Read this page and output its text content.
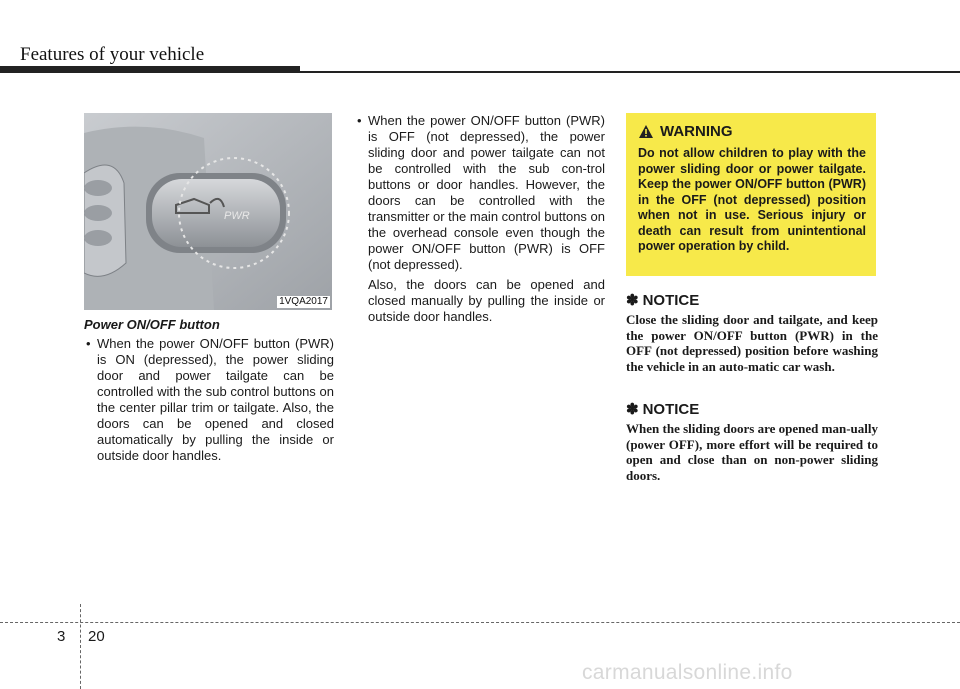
Features of your vehicle
PWR
1VQA2017
Power ON/OFF button
• When the power ON/OFF button (PWR) is ON (depressed), the power sliding door and power tailgate can be controlled with the sub control buttons on the center pillar trim or tailgate. Also, the doors can be opened and closed automatically by pulling the inside or outside door handles.
• When the power ON/OFF button (PWR) is OFF (not depressed), the power sliding door and power tailgate can not be controlled with the sub con-trol buttons or door handles. However, the doors can be controlled with the transmitter or the main control buttons on the overhead console even though the power ON/OFF button (PWR) is OFF (not depressed).
Also, the doors can be opened and closed manually by pulling the inside or outside door handles.
WARNING
Do not allow children to play with the power sliding door or power tailgate. Keep the power ON/OFF button (PWR) in the OFF (not depressed) position when not in use. Serious injury or death can result from unintentional power operation by child.
✽ NOTICE
Close the sliding door and tailgate, and keep the power ON/OFF button (PWR) in the OFF (not depressed) position before washing the vehicle in an auto-matic car wash.
✽ NOTICE
When the sliding doors are opened man-ually (power OFF), more effort will be required to open and close than on non-power sliding doors.
3 20
carmanualsonline.info
